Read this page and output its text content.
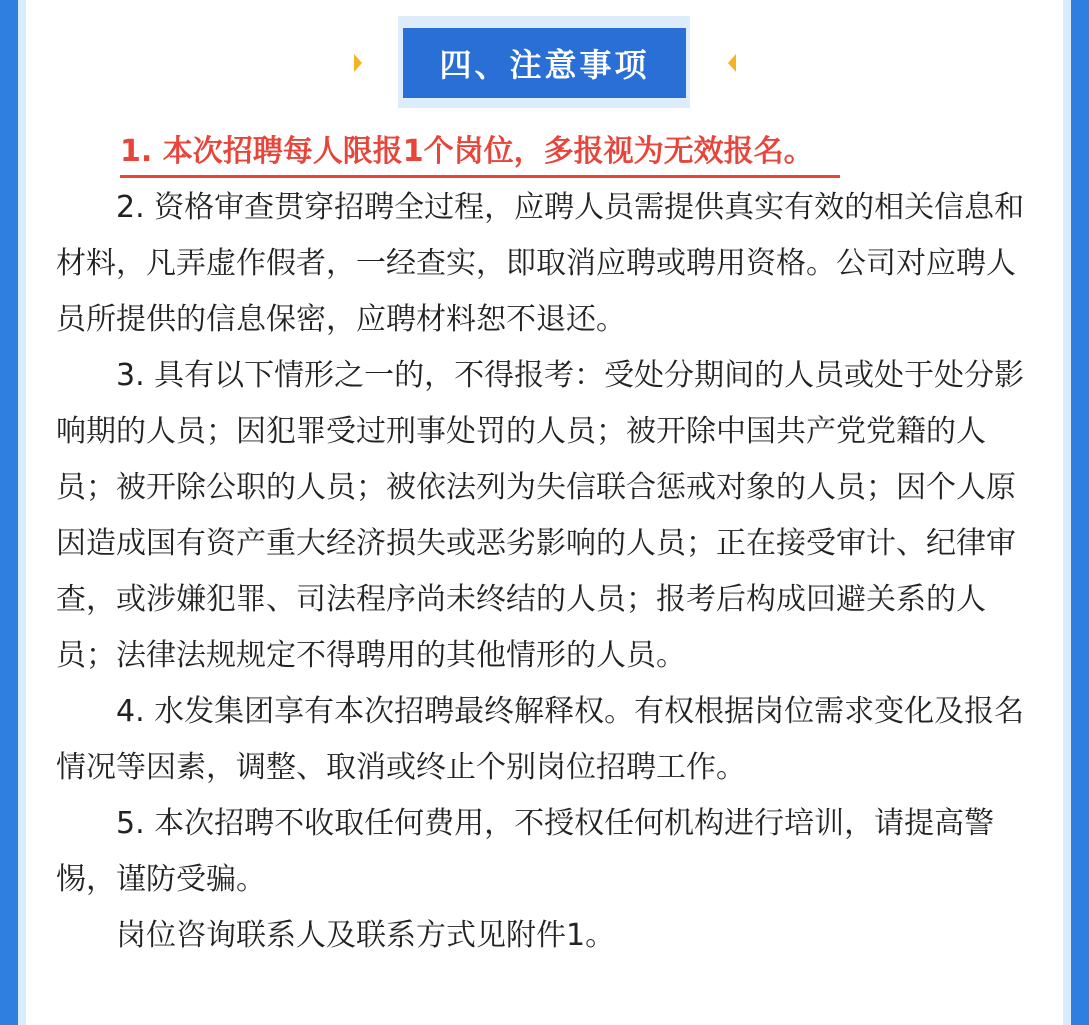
四、注意事项

1. 本次招聘每人限报1个岗位，多报视为无效报名。

2. 资格审查贯穿招聘全过程，应聘人员需提供真实有效的相关信息和材料，凡弄虚作假者，一经查实，即取消应聘或聘用资格。公司对应聘人员所提供的信息保密，应聘材料恕不退还。

3. 具有以下情形之一的，不得报考：受处分期间的人员或处于处分影响期的人员；因犯罪受过刑事处罚的人员；被开除中国共产党党籍的人员；被开除公职的人员；被依法列为失信联合惩戒对象的人员；因个人原因造成国有资产重大经济损失或恶劣影响的人员；正在接受审计、纪律审查，或涉嫌犯罪、司法程序尚未终结的人员；报考后构成回避关系的人员；法律法规规定不得聘用的其他情形的人员。

4. 水发集团享有本次招聘最终解释权。有权根据岗位需求变化及报名情况等因素，调整、取消或终止个别岗位招聘工作。

5. 本次招聘不收取任何费用，不授权任何机构进行培训，请提高警惕，谨防受骗。

岗位咨询联系人及联系方式见附件1。
